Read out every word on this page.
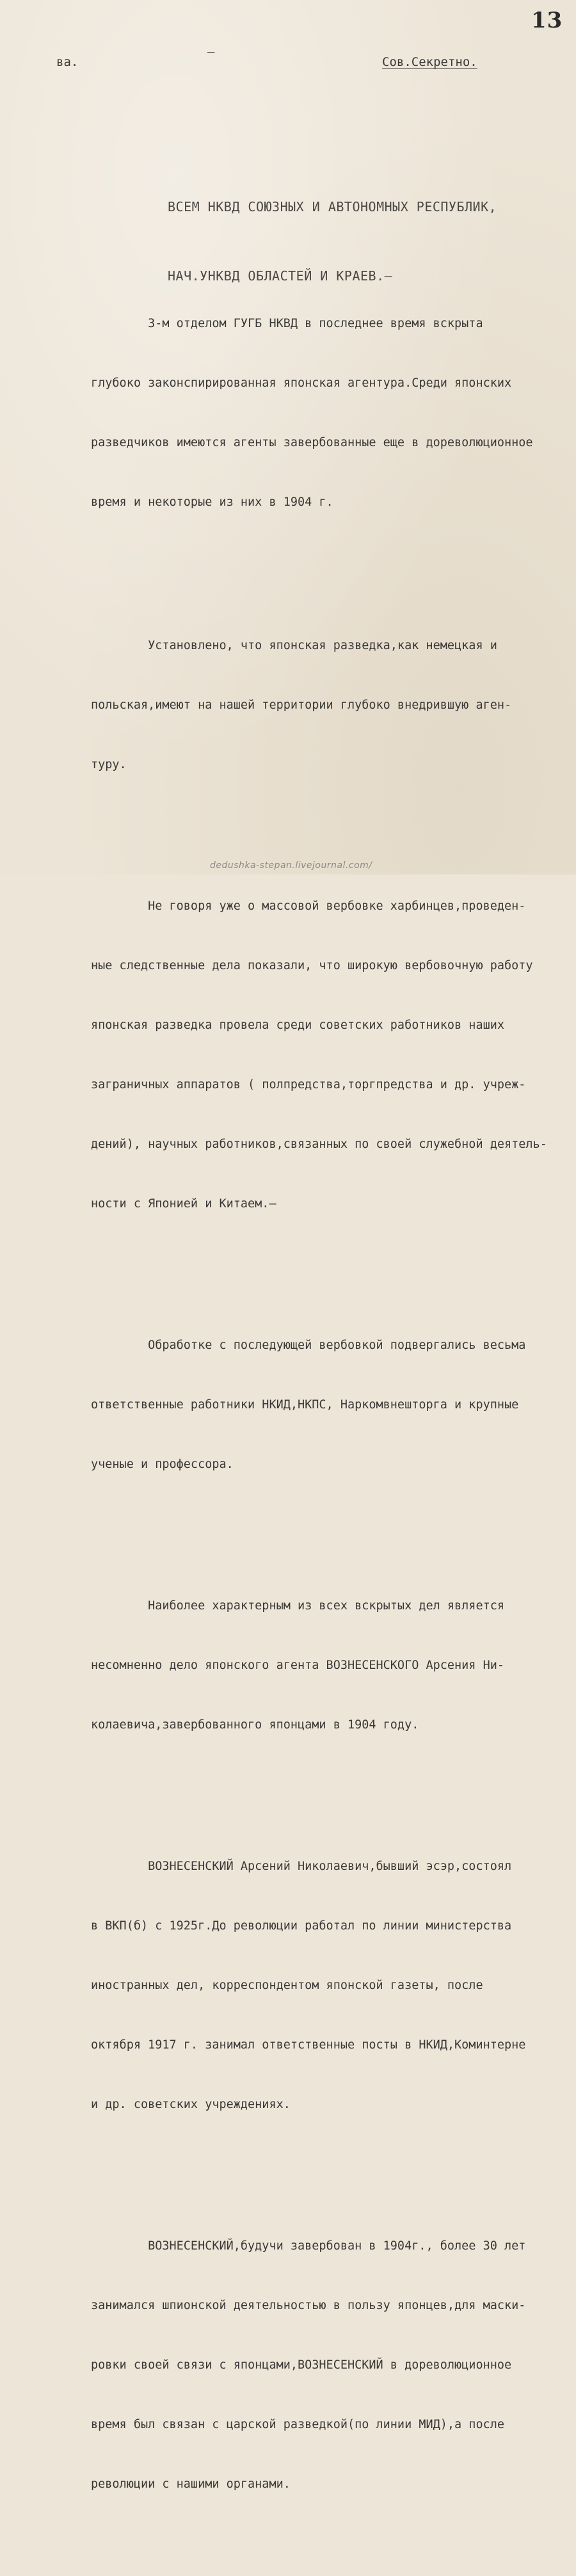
13
ва.
–
Сов.Секретно.

ВСЕМ НКВД СОЮЗНЫХ И АВТОНОМНЫХ РЕСПУБЛИК,

НАЧ.УНКВД ОБЛАСТЕЙ И КРАЕВ.–

3-м отделом ГУГБ НКВД в последнее время вскрыта

глубоко законспирированная японская агентура.Среди японских

разведчиков имеются агенты завербованные еще в дореволюционное

время и некоторые из них в 1904 г.

Установлено, что японская разведка,как немецкая и

польская,имеют на нашей территории глубоко внедрившую аген-

туру.

Не говоря уже о массовой вербовке харбинцев,проведен-

ные следственные дела показали, что широкую вербовочную работу

японская разведка провела среди советских работников наших

заграничных аппаратов ( полпредства,торгпредства и др. учреж-

дений), научных работников,связанных по своей служебной деятель-

ности с Японией и Китаем.–

Обработке с последующей вербовкой подвергались весьма

ответственные работники НКИД,НКПС, Наркомвнешторга и крупные

ученые и профессора.

Наиболее характерным из всех вскрытых дел является

несомненно дело японского агента ВОЗНЕСЕНСКОГО Арсения Ни-

колаевича,завербованного японцами в 1904 году.

ВОЗНЕСЕНСКИЙ Арсений Николаевич,бывший эсэр,состоял

в ВКП(б) с 1925г.До революции работал по линии министерства

иностранных дел, корреспондентом японской газеты, после

октября 1917 г. занимал ответственные посты в НКИД,Коминтерне

и др. советских учреждениях.

ВОЗНЕСЕНСКИЙ,будучи завербован в 1904г., более 30 лет

занимался шпионской деятельностью в пользу японцев,для маски-

ровки своей связи с японцами,ВОЗНЕСЕНСКИЙ в дореволюционное

время был связан с царской разведкой(по линии МИД),а после

революции с нашими органами.

dedushka-stepan.livejournal.com/
